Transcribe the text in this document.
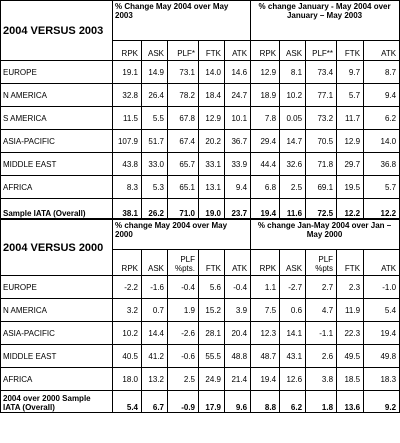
2004 VERSUS 2003	% Change May 2004 over May 2003					% change January - May 2004 over January – May 2003				
	RPK	ASK	PLF*	FTK	ATK	RPK	ASK	PLF**	FTK	ATK
EUROPE	19.1	14.9	73.1	14.0	14.6	12.9	8.1	73.4	9.7	8.7
N AMERICA	32.8	26.4	78.2	18.4	24.7	18.9	10.2	77.1	5.7	9.4
S AMERICA	11.5	5.5	67.8	12.9	10.1	7.8	0.05	73.2	11.7	6.2
ASIA-PACIFIC	107.9	51.7	67.4	20.2	36.7	29.4	14.7	70.5	12.9	14.0
MIDDLE EAST	43.8	33.0	65.7	33.1	33.9	44.4	32.6	71.8	29.7	36.8
AFRICA	8.3	5.3	65.1	13.1	9.4	6.8	2.5	69.1	19.5	5.7
Sample IATA (Overall)	38.1	26.2	71.0	19.0	23.7	19.4	11.6	72.5	12.2	12.2
2004 VERSUS 2000	% change May 2004 over May 2000					% change Jan-May 2004 over Jan – May 2000				
	RPK	ASK	PLF %pts.	FTK	ATK	RPK	ASK	PLF %pts	FTK	ATK
EUROPE	-2.2	-1.6	-0.4	5.6	-0.4	1.1	-2.7	2.7	2.3	-1.0
N AMERICA	3.2	0.7	1.9	15.2	3.9	7.5	0.6	4.7	11.9	5.4
ASIA-PACIFIC	10.2	14.4	-2.6	28.1	20.4	12.3	14.1	-1.1	22.3	19.4
MIDDLE EAST	40.5	41.2	-0.6	55.5	48.8	48.7	43.1	2.6	49.5	49.8
AFRICA	18.0	13.2	2.5	24.9	21.4	19.4	12.6	3.8	18.5	18.3
2004 over 2000 Sample IATA (Overall)	5.4	6.7	-0.9	17.9	9.6	8.8	6.2	1.8	13.6	9.2
